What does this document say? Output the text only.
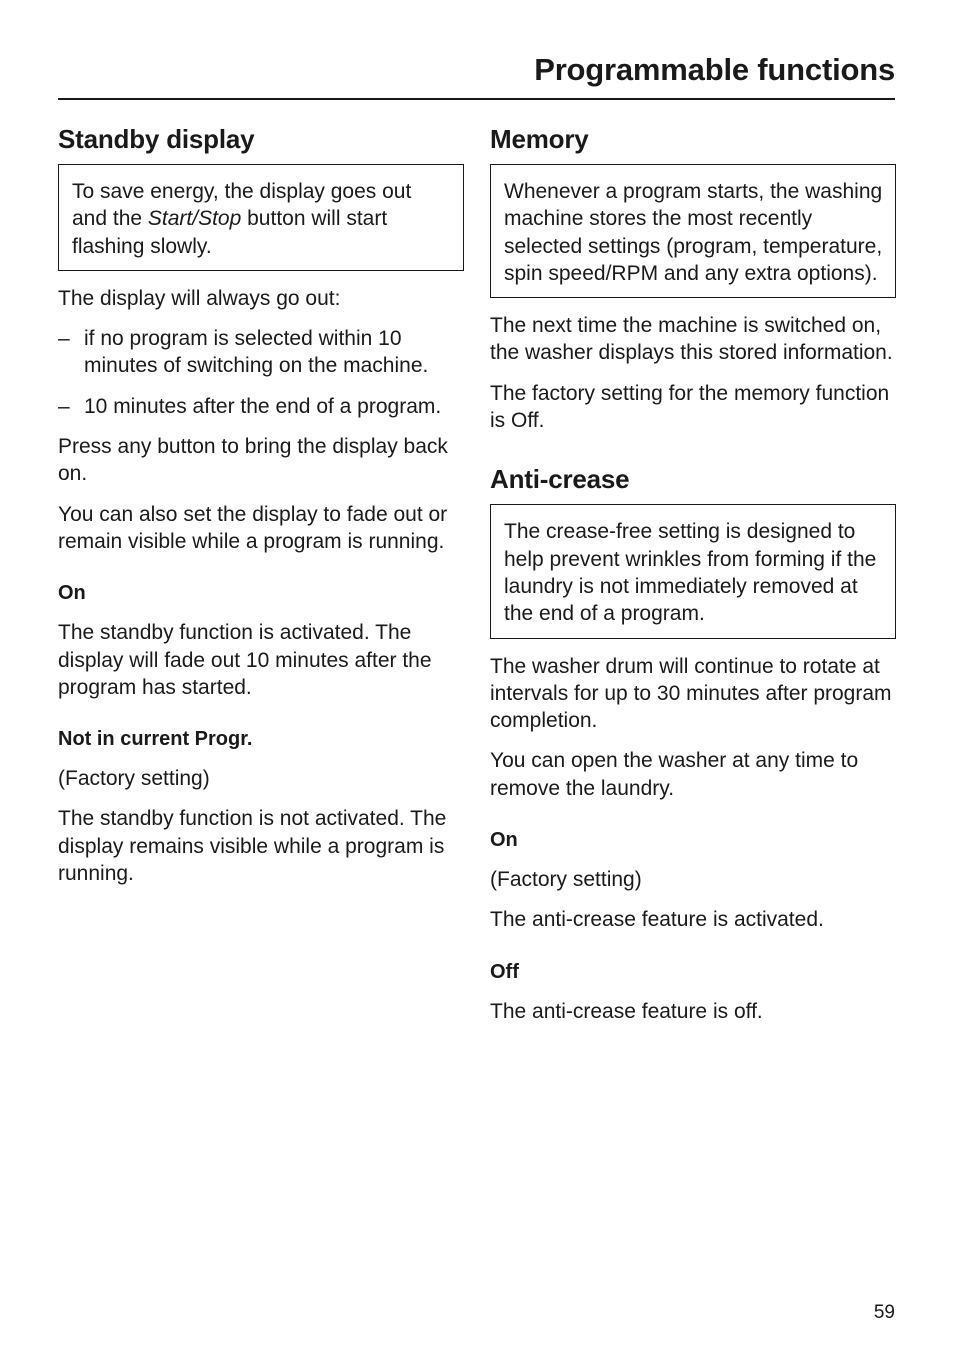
Programmable functions
Standby display
To save energy, the display goes out and the Start/Stop button will start flashing slowly.

The display will always go out:

– if no program is selected within 10 minutes of switching on the machine.

– 10 minutes after the end of a program.

Press any button to bring the display back on.

You can also set the display to fade out or remain visible while a program is running.

On

The standby function is activated. The display will fade out 10 minutes after the program has started.

Not in current Progr.

(Factory setting)

The standby function is not activated. The display remains visible while a program is running.

Memory
Whenever a program starts, the washing machine stores the most recently selected settings (program, temperature, spin speed/RPM and any extra options).

The next time the machine is switched on, the washer displays this stored information.

The factory setting for the memory function is Off.

Anti-crease
The crease-free setting is designed to help prevent wrinkles from forming if the laundry is not immediately removed at the end of a program.

The washer drum will continue to rotate at intervals for up to 30 minutes after program completion.

You can open the washer at any time to remove the laundry.

On

(Factory setting)

The anti-crease feature is activated.

Off

The anti-crease feature is off.

59
